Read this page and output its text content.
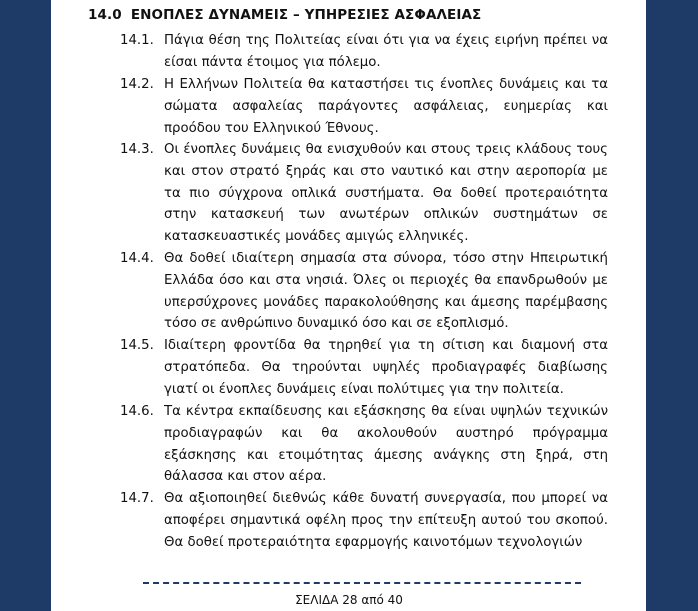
14.0 ΕΝΟΠΛΕΣ ΔΥΝΑΜΕΙΣ – ΥΠΗΡΕΣΙΕΣ ΑΣΦΑΛΕΙΑΣ
14.1. Πάγια θέση της Πολιτείας είναι ότι για να έχεις ειρήνη πρέπει να είσαι πάντα έτοιμος για πόλεμο.
14.2. Η Ελλήνων Πολιτεία θα καταστήσει τις ένοπλες δυνάμεις και τα σώματα ασφαλείας παράγοντες ασφάλειας, ευημερίας και προόδου του Ελληνικού Έθνους.
14.3. Οι ένοπλες δυνάμεις θα ενισχυθούν και στους τρεις κλάδους τους και στον στρατό ξηράς και στο ναυτικό και στην αεροπορία με τα πιο σύγχρονα οπλικά συστήματα. Θα δοθεί προτεραιότητα στην κατασκευή των ανωτέρων οπλικών συστημάτων σε κατασκευαστικές μονάδες αμιγώς ελληνικές.
14.4. Θα δοθεί ιδιαίτερη σημασία στα σύνορα, τόσο στην Ηπειρωτική Ελλάδα όσο και στα νησιά. Όλες οι περιοχές θα επανδρωθούν με υπερσύχρονες μονάδες παρακολούθησης και άμεσης παρέμβασης τόσο σε ανθρώπινο δυναμικό όσο και σε εξοπλισμό.
14.5. Ιδιαίτερη φροντίδα θα τηρηθεί για τη σίτιση και διαμονή στα στρατόπεδα. Θα τηρούνται υψηλές προδιαγραφές διαβίωσης γιατί οι ένοπλες δυνάμεις είναι πολύτιμες για την πολιτεία.
14.6. Τα κέντρα εκπαίδευσης και εξάσκησης θα είναι υψηλών τεχνικών προδιαγραφών και θα ακολουθούν αυστηρό πρόγραμμα εξάσκησης και ετοιμότητας άμεσης ανάγκης στη ξηρά, στη θάλασσα και στον αέρα.
14.7. Θα αξιοποιηθεί διεθνώς κάθε δυνατή συνεργασία, που μπορεί να αποφέρει σημαντικά οφέλη προς την επίτευξη αυτού του σκοπού. Θα δοθεί προτεραιότητα εφαρμογής καινοτόμων τεχνολογιών
ΣΕΛΙΔΑ 28 από 40
